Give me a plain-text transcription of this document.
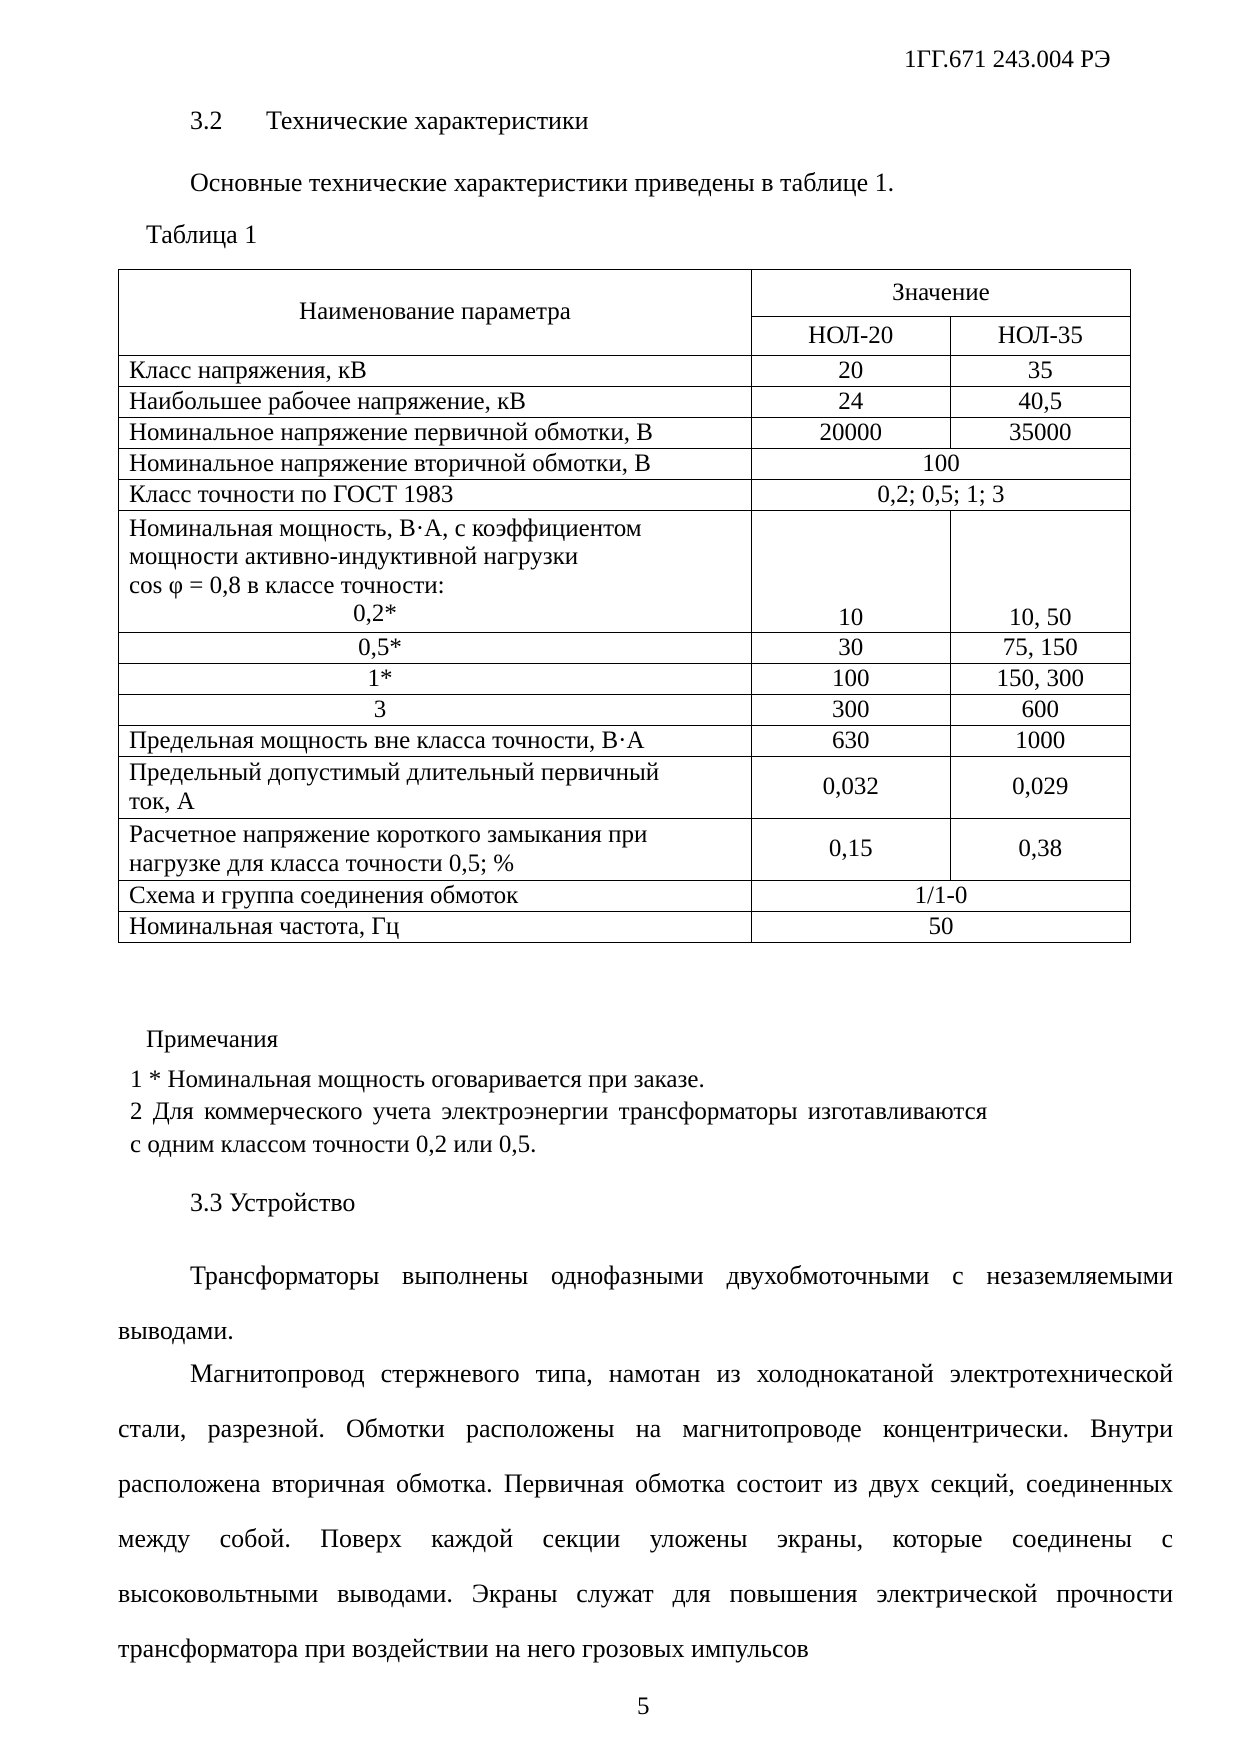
1ГГ.671 243.004 РЭ
3.2 Технические характеристики
Основные технические характеристики приведены в таблице 1.
Таблица 1
Наименование параметра	Значение	
	НОЛ-20	НОЛ-35
Класс напряжения, кВ	20	35
Наибольшее рабочее напряжение, кВ	24	40,5
Номинальное напряжение первичной обмотки, В	20000	35000
Номинальное напряжение вторичной обмотки, В	100	
Класс точности по ГОСТ 1983	0,2; 0,5; 1; 3	

Номинальная мощность, В·А, с коэффициентом
мощности активно-индуктивной нагрузки
cos φ = 0,8 в классе точности:
0,2*	10	10, 50
0,5*	30	75, 150
1*	100	150, 300
3	300	600
Предельная мощность вне класса точности, В·А	630	1000

Предельный допустимый длительный первичный
ток, А	0,032	0,029

Расчетное напряжение короткого замыкания при
нагрузке для класса точности 0,5; %	0,15	0,38
Схема и группа соединения обмоток	1/1-0	
Номинальная частота, Гц	50	
Примечания
1 * Номинальная мощность оговаривается при заказе.
2 Для коммерческого учета электроэнергии трансформаторы изготавливаются
с одним классом точности 0,2 или 0,5.
3.3 Устройство
Трансформаторы выполнены однофазными двухобмоточными с незаземляемыми выводами.
Магнитопровод стержневого типа, намотан из холоднокатаной электротехнической стали, разрезной. Обмотки расположены на магнитопроводе концентрически. Внутри расположена вторичная обмотка. Первичная обмотка состоит из двух секций, соединенных между собой. Поверх каждой секции уложены экраны, которые соединены с высоковольтными выводами. Экраны служат для повышения электрической прочности трансформатора при воздействии на него грозовых импульсов
5
